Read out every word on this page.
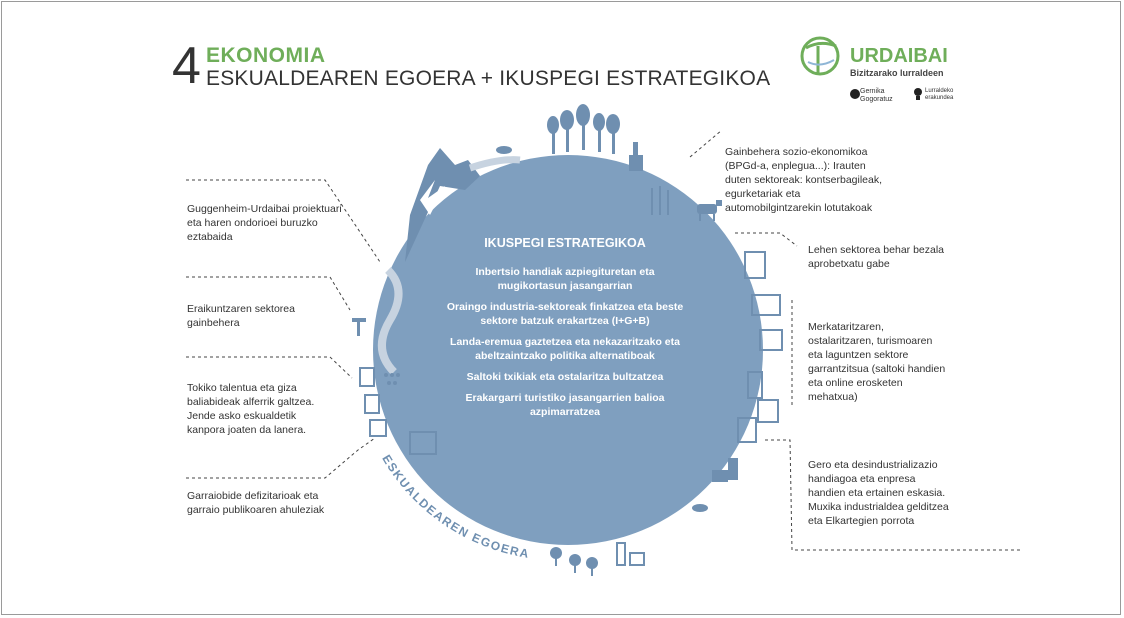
ESKUALDEAREN EGOERA
4 EKONOMIA
ESKUALDEAREN EGOERA + IKUSPEGI ESTRATEGIKOA
URDAIBAI
Bizitzarako lurraldeen
Gernika Gogoratuz
Lurraldeko erakundea
IKUSPEGI ESTRATEGIKOA
Inbertsio handiak azpiegituretan eta mugikortasun jasangarrian
Oraingo industria-sektoreak finkatzea eta beste sektore batzuk erakartzea (I+G+B)
Landa-eremua gaztetzea eta nekazaritzako eta abeltzaintzako politika alternatiboak
Saltoki txikiak eta ostalaritza bultzatzea
Erakargarri turistiko jasangarrien balioa azpimarratzea
Guggenheim-Urdaibai proiektuari eta haren ondorioei buruzko eztabaida
Eraikuntzaren sektorea gainbehera
Tokiko talentua eta giza baliabideak alferrik galtzea. Jende asko eskualdetik kanpora joaten da lanera.
Garraiobide defizitarioak eta garraio publikoaren ahuleziak
Gainbehera sozio-ekonomikoa (BPGd-a, enplegua...): Irauten duten sektoreak: kontserbagileak, egurketariak eta automobilgintzarekin lotutakoak
Lehen sektorea behar bezala aprobetxatu gabe
Merkataritzaren, ostalaritzaren, turismoaren eta laguntzen sektore garrantzitsua (saltoki handien eta online erosketen mehatxua)
Gero eta desindustrializazio handiagoa eta enpresa handien eta ertainen eskasia. Muxika industrialdea gelditzea eta Elkartegien porrota
